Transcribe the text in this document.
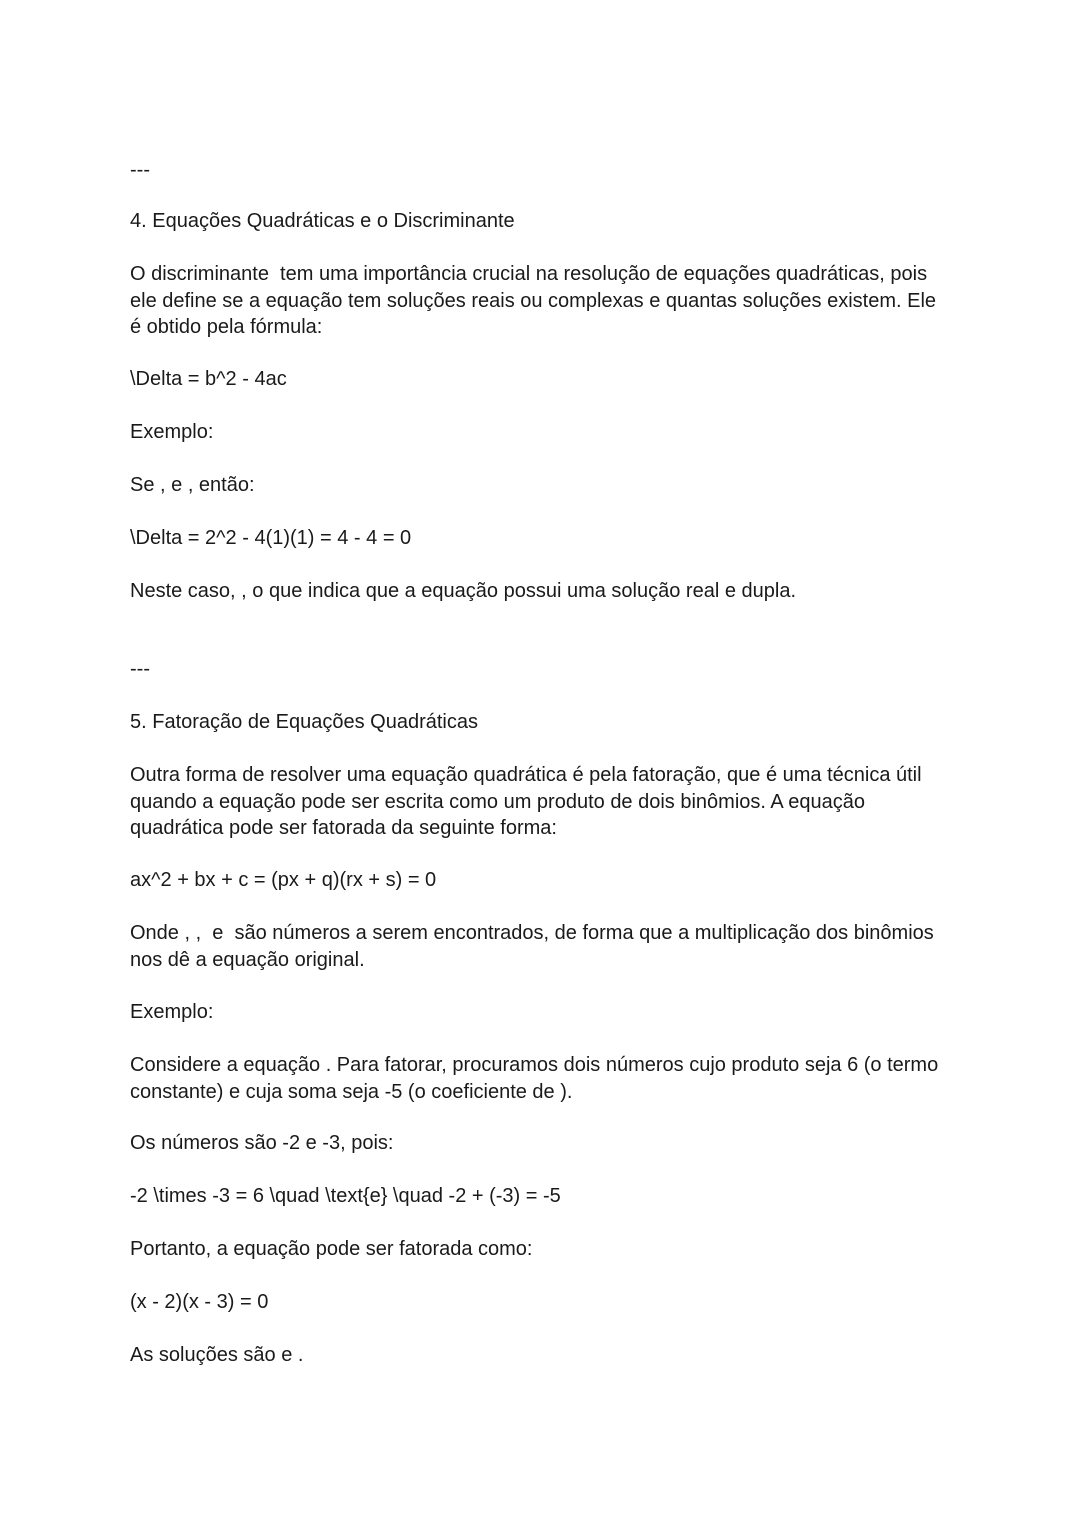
---
4. Equações Quadráticas e o Discriminante
O discriminante  tem uma importância crucial na resolução de equações quadráticas, pois
ele define se a equação tem soluções reais ou complexas e quantas soluções existem. Ele
é obtido pela fórmula:
\Delta = b^2 - 4ac
Exemplo:
Se , e , então:
\Delta = 2^2 - 4(1)(1) = 4 - 4 = 0
Neste caso, , o que indica que a equação possui uma solução real e dupla.
---
5. Fatoração de Equações Quadráticas
Outra forma de resolver uma equação quadrática é pela fatoração, que é uma técnica útil
quando a equação pode ser escrita como um produto de dois binômios. A equação
quadrática pode ser fatorada da seguinte forma:
ax^2 + bx + c = (px + q)(rx + s) = 0
Onde , ,  e  são números a serem encontrados, de forma que a multiplicação dos binômios
nos dê a equação original.
Exemplo:
Considere a equação . Para fatorar, procuramos dois números cujo produto seja 6 (o termo
constante) e cuja soma seja -5 (o coeficiente de ).
Os números são -2 e -3, pois:
-2 \times -3 = 6 \quad \text{e} \quad -2 + (-3) = -5
Portanto, a equação pode ser fatorada como:
(x - 2)(x - 3) = 0
As soluções são e .
